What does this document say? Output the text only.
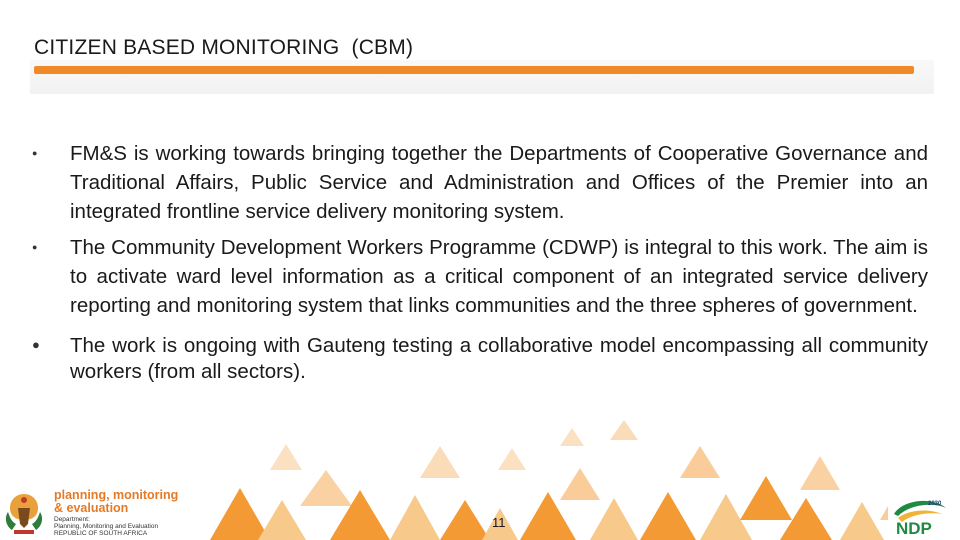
CITIZEN BASED MONITORING  (CBM)
● FM&S is working towards bringing together the Departments of Cooperative Governance and Traditional Affairs, Public Service and Administration and Offices of the Premier into an integrated frontline service delivery monitoring system.
● The Community Development Workers Programme (CDWP) is integral to this work. The aim is to activate ward level information as a critical component of an integrated service delivery reporting and monitoring system that links communities and the three spheres of government.
● The work is ongoing with Gauteng testing a collaborative model encompassing all community workers (from all sectors).
planning, monitoring
& evaluation
Department:
Planning, Monitoring and Evaluation
REPUBLIC OF SOUTH AFRICA
11
2030
NDP
